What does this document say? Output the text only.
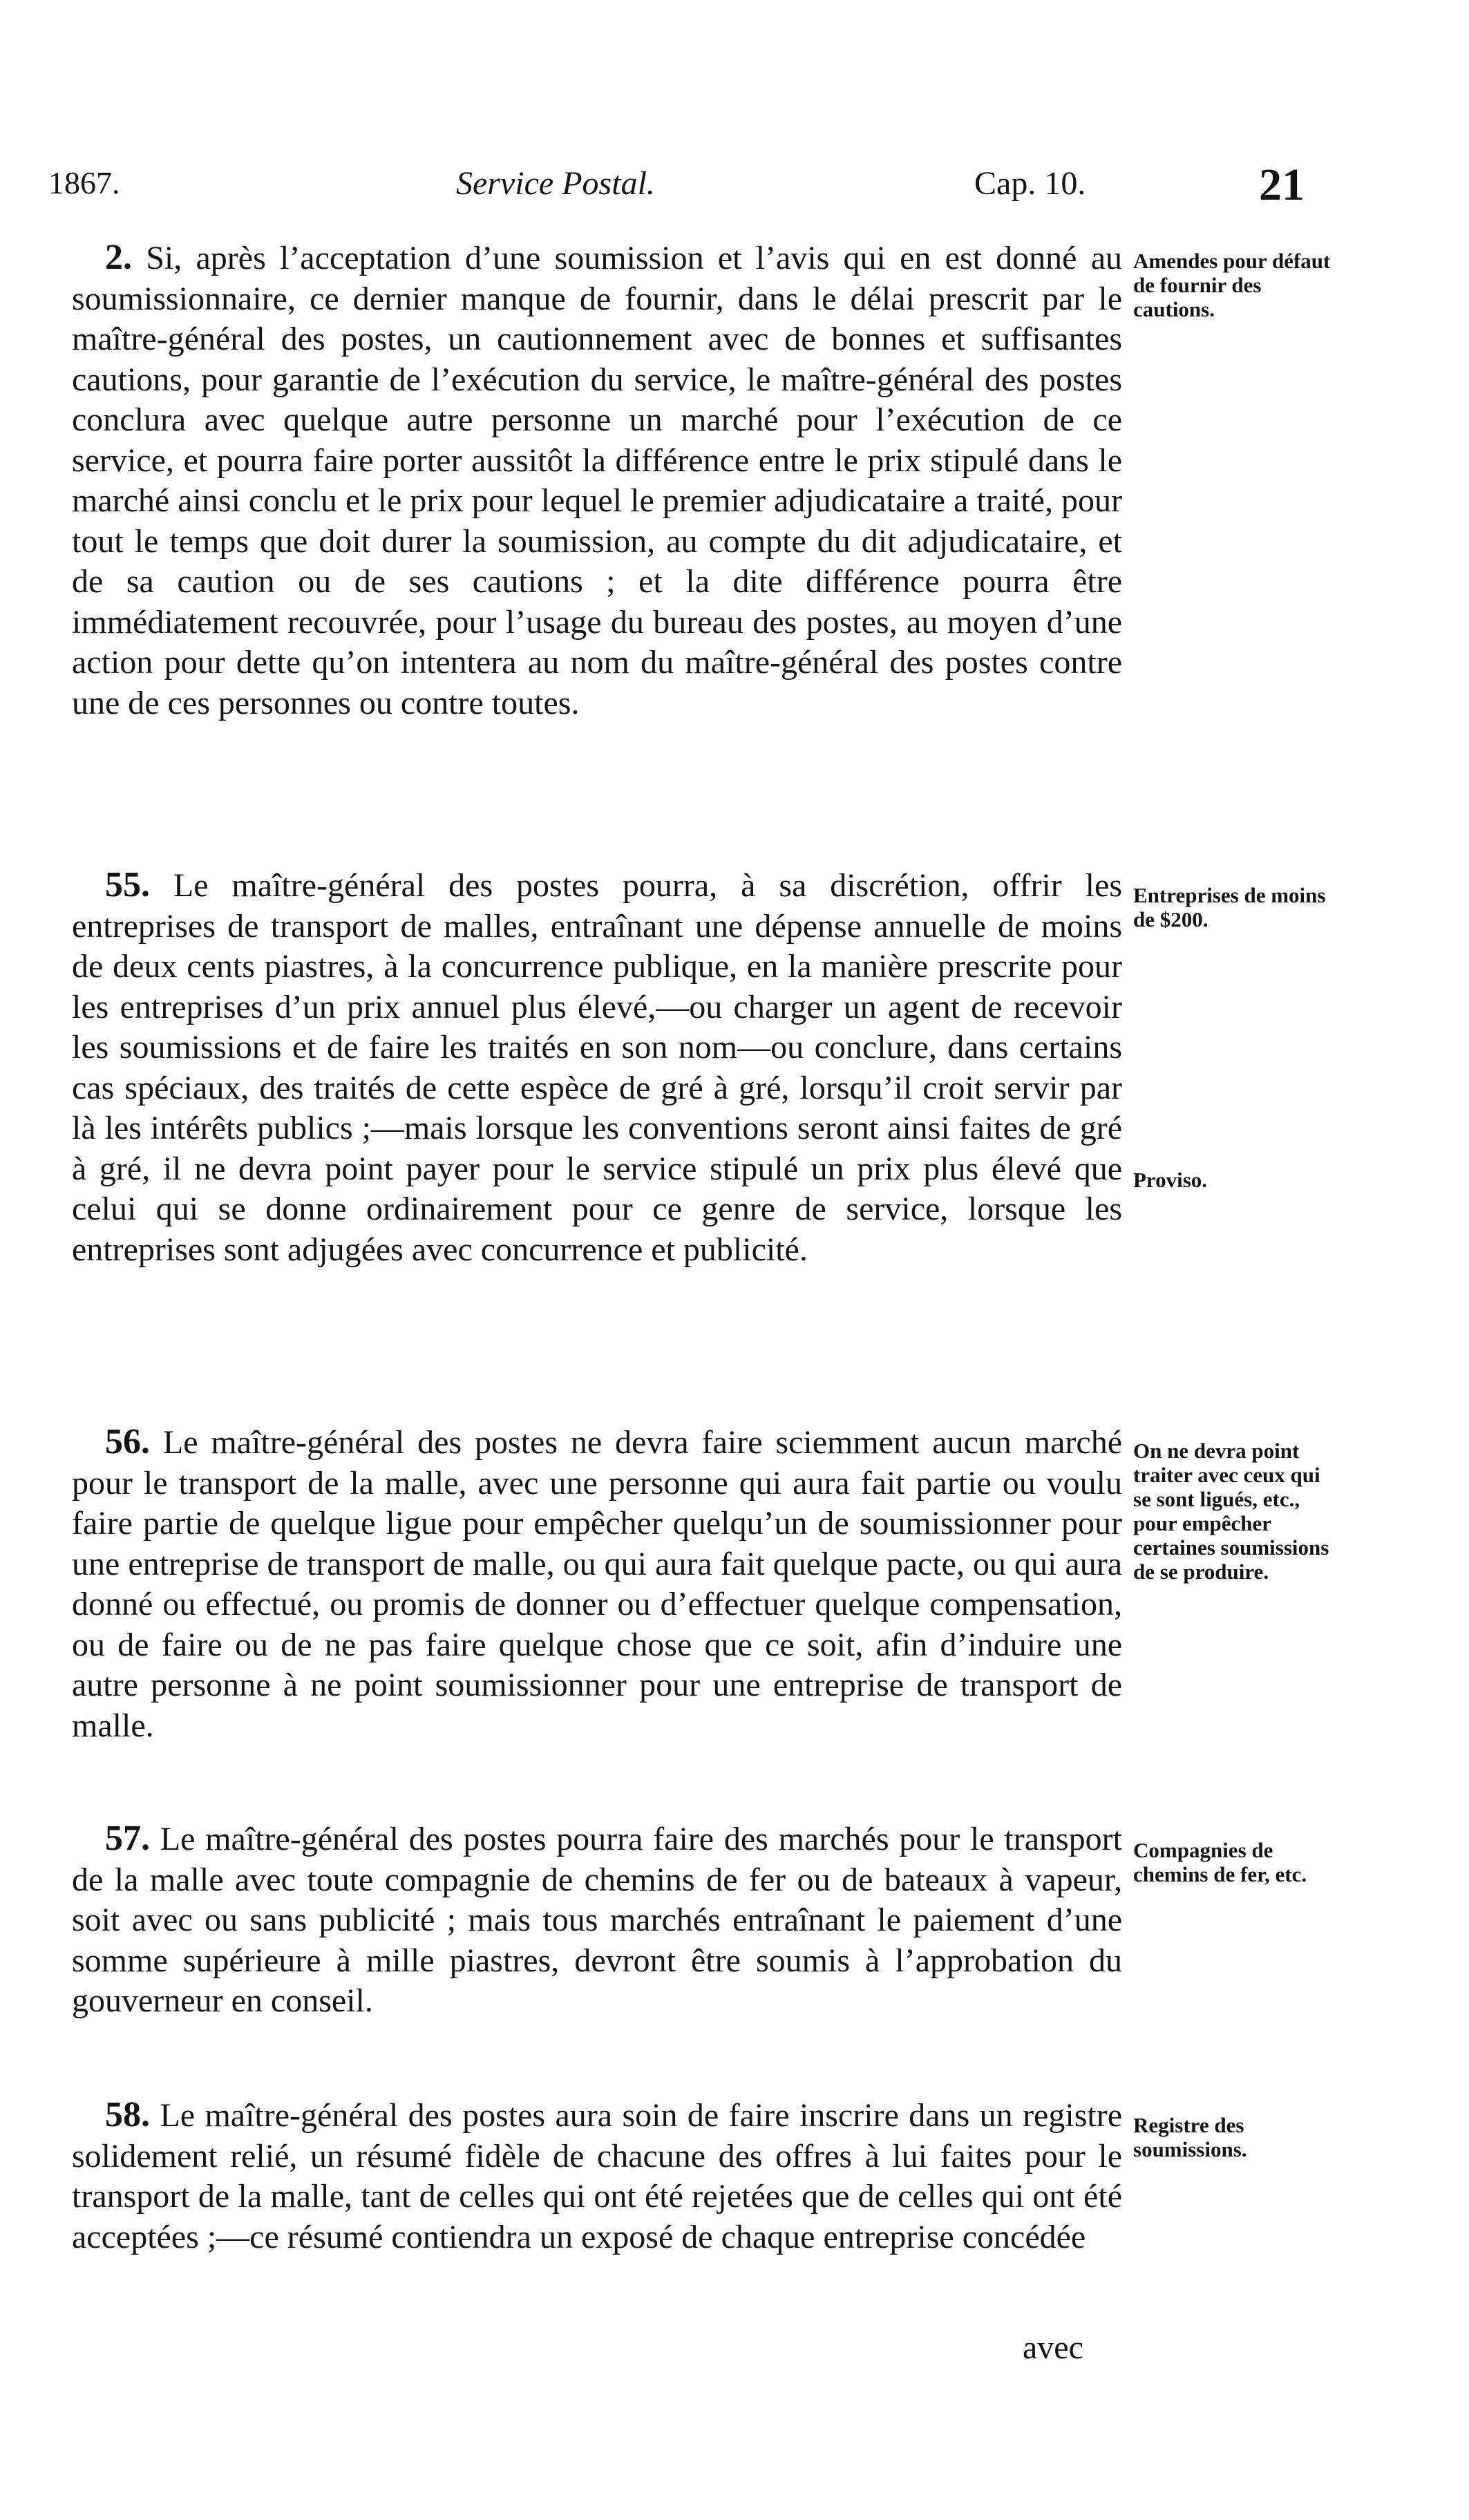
1867.	Service Postal.	Cap. 10.	21
2. Si, après l’acceptation d’une soumission et l’avis qui en est donné au soumissionnaire, ce dernier manque de fournir, dans le délai prescrit par le maître-général des postes, un cautionnement avec de bonnes et suffisantes cautions, pour garantie de l’exécution du service, le maître-général des postes conclura avec quelque autre personne un marché pour l’exécution de ce service, et pourra faire porter aussitôt la différence entre le prix stipulé dans le marché ainsi conclu et le prix pour lequel le premier adjudicataire a traité, pour tout le temps que doit durer la soumission, au compte du dit adjudicataire, et de sa caution ou de ses cautions ; et la dite différence pourra être immédiatement recouvrée, pour l’usage du bureau des postes, au moyen d’une action pour dette qu’on intentera au nom du maître-général des postes contre une de ces personnes ou contre toutes.
Amendes pour défaut de fournir des cautions.
55. Le maître-général des postes pourra, à sa discrétion, offrir les entreprises de transport de malles, entraînant une dépense annuelle de moins de deux cents piastres, à la concurrence publique, en la manière prescrite pour les entreprises d’un prix annuel plus élevé,—ou charger un agent de recevoir les soumissions et de faire les traités en son nom—ou conclure, dans certains cas spéciaux, des traités de cette espèce de gré à gré, lorsqu’il croit servir par là les intérêts publics ;—mais lorsque les conventions seront ainsi faites de gré à gré, il ne devra point payer pour le service stipulé un prix plus élevé que celui qui se donne ordinairement pour ce genre de service, lorsque les entreprises sont adjugées avec concurrence et publicité.
Entreprises de moins de $200.
Proviso.
56. Le maître-général des postes ne devra faire sciemment aucun marché pour le transport de la malle, avec une personne qui aura fait partie ou voulu faire partie de quelque ligue pour empêcher quelqu’un de soumissionner pour une entreprise de transport de malle, ou qui aura fait quelque pacte, ou qui aura donné ou effectué, ou promis de donner ou d’effectuer quelque compensation, ou de faire ou de ne pas faire quelque chose que ce soit, afin d’induire une autre personne à ne point soumissionner pour une entreprise de transport de malle.
On ne devra point traiter avec ceux qui se sont ligués, etc., pour empêcher certaines soumissions de se produire.
57. Le maître-général des postes pourra faire des marchés pour le transport de la malle avec toute compagnie de chemins de fer ou de bateaux à vapeur, soit avec ou sans publicité ; mais tous marchés entraînant le paiement d’une somme supérieure à mille piastres, devront être soumis à l’approbation du gouverneur en conseil.
Compagnies de chemins de fer, etc.
58. Le maître-général des postes aura soin de faire inscrire dans un registre solidement relié, un résumé fidèle de chacune des offres à lui faites pour le transport de la malle, tant de celles qui ont été rejetées que de celles qui ont été acceptées ;—ce résumé contiendra un exposé de chaque entreprise concédée
Registre des soumissions.
avec
